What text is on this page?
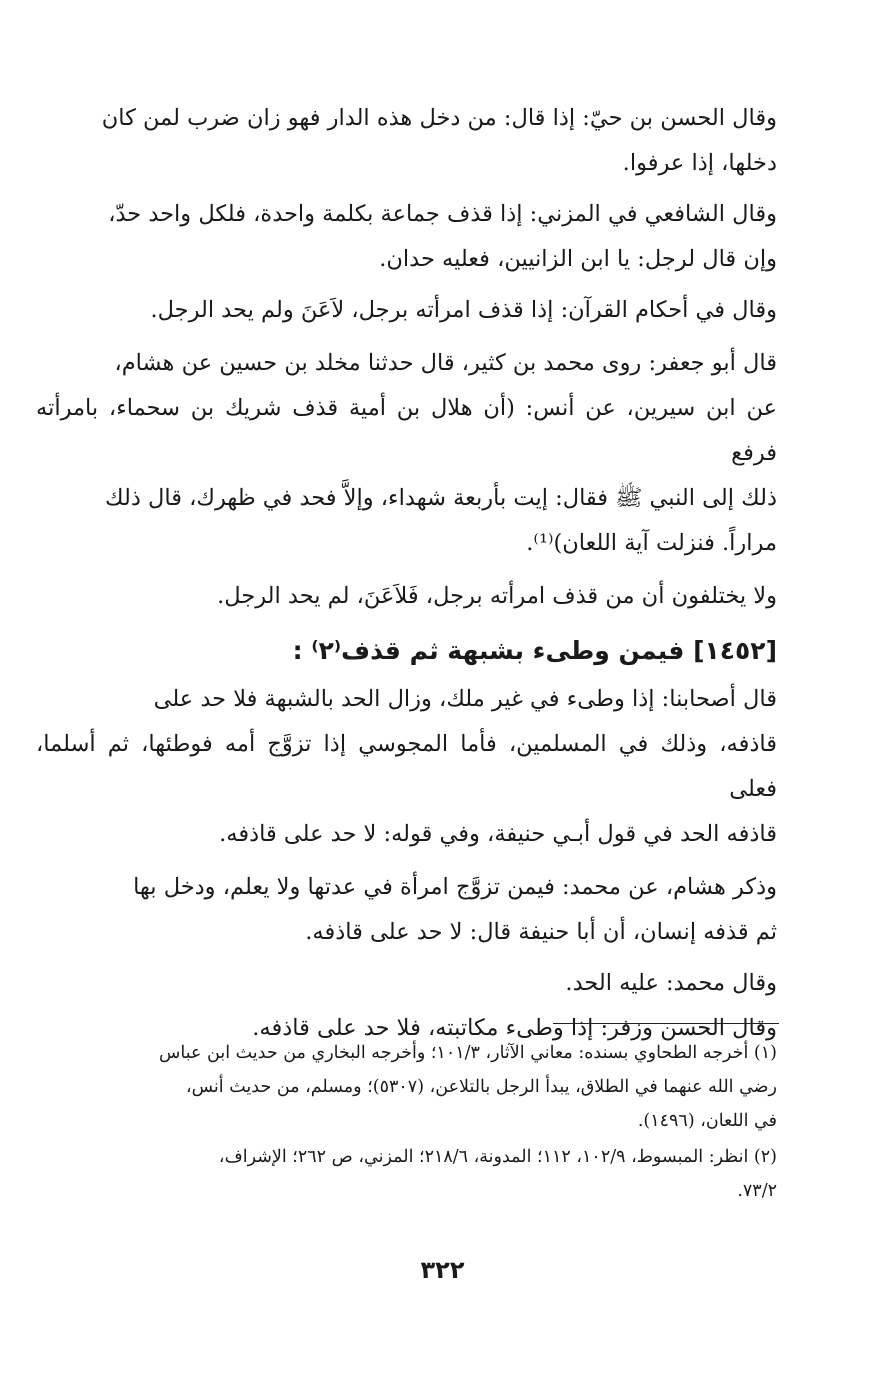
وقال الحسن بن حيّ: إذا قال: من دخل هذه الدار فهو زان ضرب لمن كان
دخلها، إذا عرفوا.

وقال الشافعي في المزني: إذا قذف جماعة بكلمة واحدة، فلكل واحد حدّ،
وإن قال لرجل: يا ابن الزانيين، فعليه حدان.

وقال في أحكام القرآن: إذا قذف امرأته برجل، لاَعَنَ ولم يحد الرجل.

قال أبو جعفر: روى محمد بن كثير، قال حدثنا مخلد بن حسين عن هشام،
عن ابن سيرين، عن أنس: (أن هلال بن أمية قذف شريك بن سحماء، بامرأته فرفع
ذلك إلى النبي ﷺ فقال: إيت بأربعة شهداء، وإلاَّ فحد في ظهرك، قال ذلك
مراراً. فنزلت آية اللعان)⁽¹⁾.

ولا يختلفون أن من قذف امرأته برجل، فَلاَعَنَ، لم يحد الرجل.

[١٤٥٢] فيمن وطىء بشبهة ثم قذف⁽٢⁾ :

قال أصحابنا: إذا وطىء في غير ملك، وزال الحد بالشبهة فلا حد على
قاذفه، وذلك في المسلمين، فأما المجوسي إذا تزوَّج أمه فوطئها، ثم أسلما، فعلى
قاذفه الحد في قول أبـي حنيفة، وفي قوله: لا حد على قاذفه.

وذكر هشام، عن محمد: فيمن تزوَّج امرأة في عدتها ولا يعلم، ودخل بها
ثم قذفه إنسان، أن أبا حنيفة قال: لا حد على قاذفه.

وقال محمد: عليه الحد.

وقال الحسن وزفر: إذا وطىء مكاتبته، فلا حد على قاذفه.

(١) أخرجه الطحاوي بسنده: معاني الآثار، ١٠١/٣؛ وأخرجه البخاري من حديث ابن عباس
رضي الله عنهما في الطلاق، يبدأ الرجل بالتلاعن، (٥٣٠٧)؛ ومسلم، من حديث أنس،
في اللعان، (١٤٩٦).

(٢) انظر: المبسوط، ١٠٢/٩، ١١٢؛ المدونة، ٢١٨/٦؛ المزني، ص ٢٦٢؛ الإشراف،
٧٣/٢.

٣٢٢
